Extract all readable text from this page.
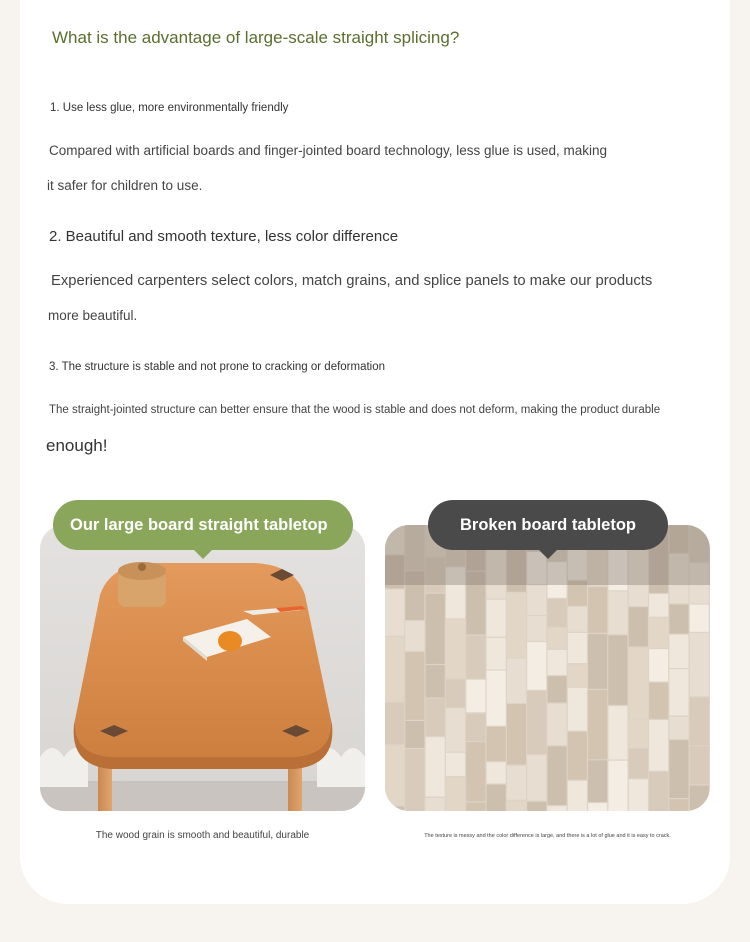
What is the advantage of large-scale straight splicing?
1. Use less glue, more environmentally friendly
Compared with artificial boards and finger-jointed board technology, less glue is used, making
it safer for children to use.
2. Beautiful and smooth texture, less color difference
Experienced carpenters select colors, match grains, and splice panels to make our products
more beautiful.
3. The structure is stable and not prone to cracking or deformation
The straight-jointed structure can better ensure that the wood is stable and does not deform, making the product durable
enough!
Our large board straight tabletop	Broken board tabletop
The wood grain is smooth and beautiful, durable	The texture is messy and the color difference is large, and there is a lot of glue and it is easy to crack.
